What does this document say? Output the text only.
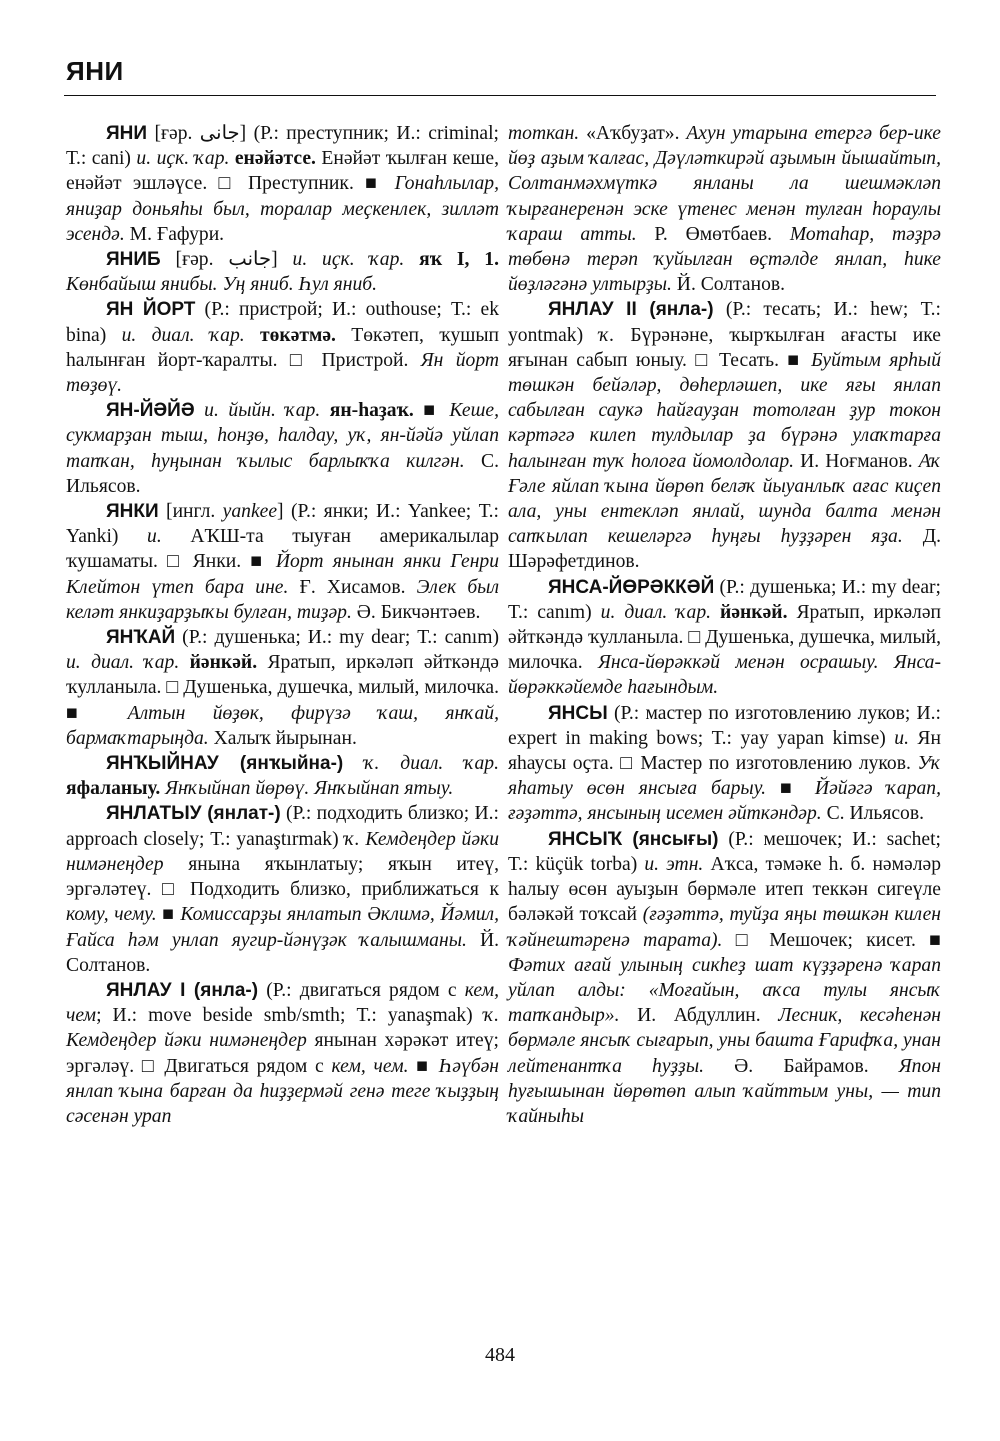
ЯНИ

ЯНИ [ғәр. جانی] (Р.: преступник; И.: criminal; Т.: cani) и. иҫк. ҡар. енәйәтсе. Енәйәт ҡылған кеше, енәйәт эшләүсе. □ Преступник. ■ Гонаһлылар, яниҙар доньяһы был, торалар меҫкенлек, зилләт эсендә. М. Ғафури.

ЯНИБ [ғәр. جانب] и. иҫк. ҡар. яҡ I, 1. Көнбайыш янибы. Уң яниб. Һул яниб.

ЯН ЙОРТ (Р.: пристрой; И.: outhouse; Т.: ek bina) и. диал. ҡар. төкәтмә. Төкәтеп, ҡушып һалынған йорт-ҡаралты. □ Пристрой. Ян йорт төҙөү.

ЯН-ЙӘЙӘ и. йыйн. ҡар. ян-һаҙаҡ. ■ Кеше, сукмарҙан тыш, һонҙө, һалдау, уҡ, ян-йәйә уйлап тапҡан, һуңынан ҡылыс барлыҡҡа килгән. С. Ильясов.

ЯНКИ [ингл. yankee] (Р.: янки; И.: Yankee; Т.: Yanki) и. АҠШ-та тыуған америкалылар ҡушаматы. □ Янки. ■ Йорт янынан янки Генри Клейтон үтеп бара ине. Ғ. Хисамов. Элек был келәт янкиҙарҙыҡы булған, тиҙәр. Ә. Бикчәнтәев.

ЯНҠАЙ (Р.: душенька; И.: my dear; Т.: canım) и. диал. ҡар. йәнкәй. Яратып, иркәләп әйткәндә ҡулланыла. □ Душенька, душечка, милый, милочка. ■ Алтын йөҙөк, фирүзә ҡаш, янҡай, бармаҡтарыңда. Халыҡ йырынан.

ЯНҠЫЙНАУ (янҡыйна-) ҡ. диал. ҡар. яфаланыу. Янҡыйнап йөрөү. Янҡыйнап ятыу.

ЯНЛАТЫУ (янлат-) (Р.: подходить близко; И.: approach closely; Т.: yanaştırmak) ҡ. Кемдеңдер йәки нимәнеңдер янына яҡынлатыу; яҡын итеү, эргәләтеү. □ Подходить близко, приближаться к кому, чему. ■ Комиссарҙы янлатып Әклимә, Йәмил, Ғайса һәм унлап яугир-йәнүҙәк ҡалышманы. Й. Солтанов.

ЯНЛАУ I (янла-) (Р.: двигаться рядом с кем, чем; И.: move beside smb/smth; Т.: yanaşmak) ҡ. Кемдеңдер йәки нимәнеңдер янынан хәрәкәт итеү; эргәләү. □ Двигаться рядом с кем, чем. ■ Һәүбән янлап ҡына барған да һиҙҙермәй генә теге ҡыҙҙың сәсенән урап

тоткан. «Аҡбуҙат». Ахун утарына етергә бер-ике йөҙ аҙым ҡалғас, Дәүләткирәй аҙымын йышайтып, Солтанмәхмүткә янланы ла шешмәкләп ҡырғанеренән эске үтенес менән тулған һораулы ҡараш атты. Р. Өмөтбаев. Мотаһар, тәҙрә төбөнә терәп ҡуйылған өҫтәлде янлап, һике йөҙләгәнә ултырҙы. Й. Солтанов.

ЯНЛАУ II (янла-) (Р.: тесать; И.: hew; Т.: yontmak) ҡ. Бүрәнәне, ҡырҡылған ағасты ике яғынан сабып юныу. □ Тесать. ■ Буйтым ярһый төшкән бейәләр, дөһерләшеп, ике яғы янлап сабылған саукә һайғауҙан тотолған ҙур токон кәртәгә килеп тулдылар ҙа бүрәнә улаҡтарға һалынған туҡ һолоға йомолдолар. И. Ноғманов. Аҡ Ғәле яйлап ҡына йөрөп беләҡ йыуанлыҡ ағас киҫеп ала, уны ентекләп янлай, шунда балта менән сапҡылап кешеләргә һуңғы һуҙҙәрен яҙа. Д. Шәрәфетдинов.

ЯНСА-ЙӨРӘККӘЙ (Р.: душенька; И.: my dear; Т.: canım) и. диал. ҡар. йәнкәй. Яратып, иркәләп әйткәндә ҡулланыла. □ Душенька, душечка, милый, милочка. Янса-йөрәккәй менән осрашыу. Янса-йөрәккәйемде һағындым.

ЯНСЫ (Р.: мастер по изготовлению луков; И.: expert in making bows; Т.: yay yapan kimse) и. Ян яһаусы оҫта. □ Мастер по изготовлению луков. Уҡ яһатыу өсөн янсыға барыу. ■ Йәйәгә ҡарап, ғәҙәттә, янсының исемен әйткәндәр. С. Ильясов.

ЯНСЫҠ (янсығы) (Р.: мешочек; И.: sachet; Т.: küçük torba) и. этн. Аҡса, тәмәке һ. б. нәмәләр һалыу өсөн ауыҙын бөрмәле итеп теккән сигеүле бәләкәй тоҡсай (ғәҙәттә, туйҙа яңы төшкән килен ҡәйнештәренә тарата). □ Мешочек; кисет. ■ Фәтих ағай улының сикһеҙ шат күҙҙәренә ҡарап уйлап алды: «Моғайын, аҡса тулы янсыҡ тапҡандыр». И. Абдуллин. Лесник, кесәһенән бөрмәле янсыҡ сығарып, уны башта Ғарифҡа, унан лейтенантҡа һуҙҙы. Ә. Байрамов. Япон һуғышынан йөрөтөп алып ҡайттым уны, — тип ҡайныһы

484
